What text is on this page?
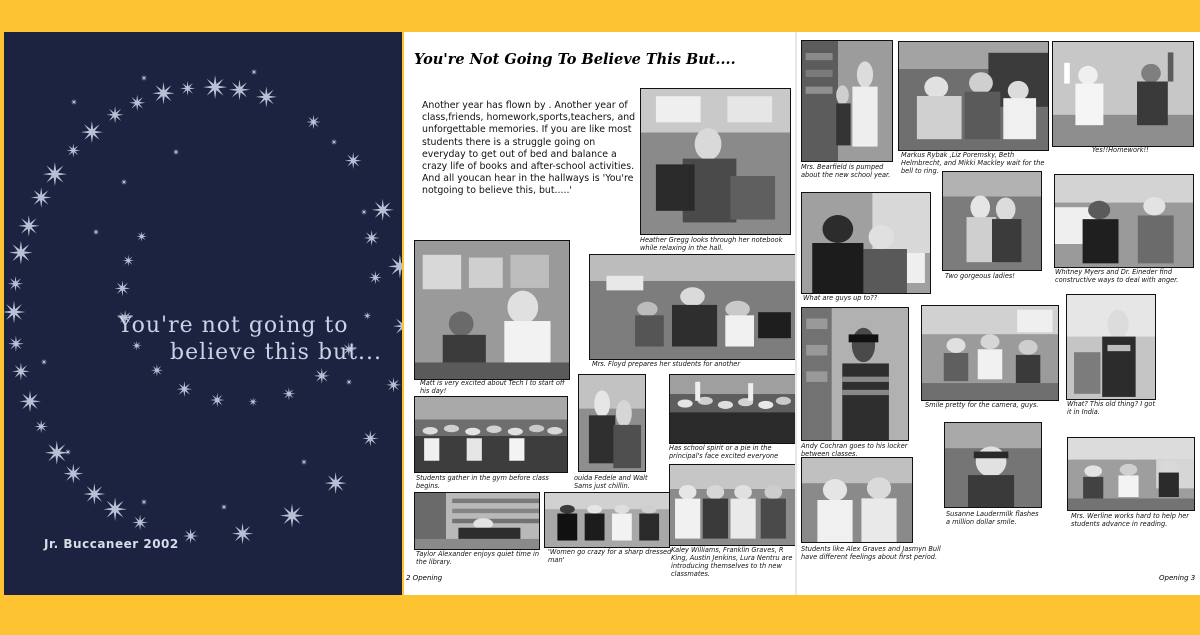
You're not going to
believe this but...
Jr. Buccaneer 2002
You're Not Going To Believe This But....
Another year has flown by . Another year of class,friends, homework,sports,teachers, and unforgettable memories. If you are like most students there is a struggle going on everyday to get out of bed and balance a crazy life of books and after-school activities. And all youcan hear in the hallways is 'You're notgoing to believe this, but.....'
Heather Gregg looks through her notebook while relaxing in the hall.
Matt is very excited about Tech I to start off his day!
Mrs. Floyd prepares her students for another
Students gather in the gym before class begins.
ouida Fedele and Walt Sams just chillin.
Has school spirit or a pie in the principal's face excited everyone
Taylor Alexander enjoys quiet time in the library.
'Women go crazy for a sharp dressed man'
Kaley Williams, Franklin Graves, R King, Austin Jenkins, Lura Nentru are introducing themselves to th new classmates.
2 Opening
Mrs. Bearfield is pumped about the new school year.
Markus Rybak ,Liz Poremsky, Beth Helmbrecht, and Mikki Mackley wait for the bell to ring.
Yes!!Homework!!
What are guys up to??
Two gorgeous ladies!	Whitney Myers and Dr. Eineder find constructive ways to deal with anger.
Andy Cochran goes to his locker between classes.
Smile pretty for the camera, guys.	What? This old thing? I got it in India.
Students like Alex Graves and Jasmyn Bull have different feelings about first period.
Susanne Laudermilk flashes a million dollar smile.
Mrs. Werline works hard to help her students advance in reading.
Opening 3
